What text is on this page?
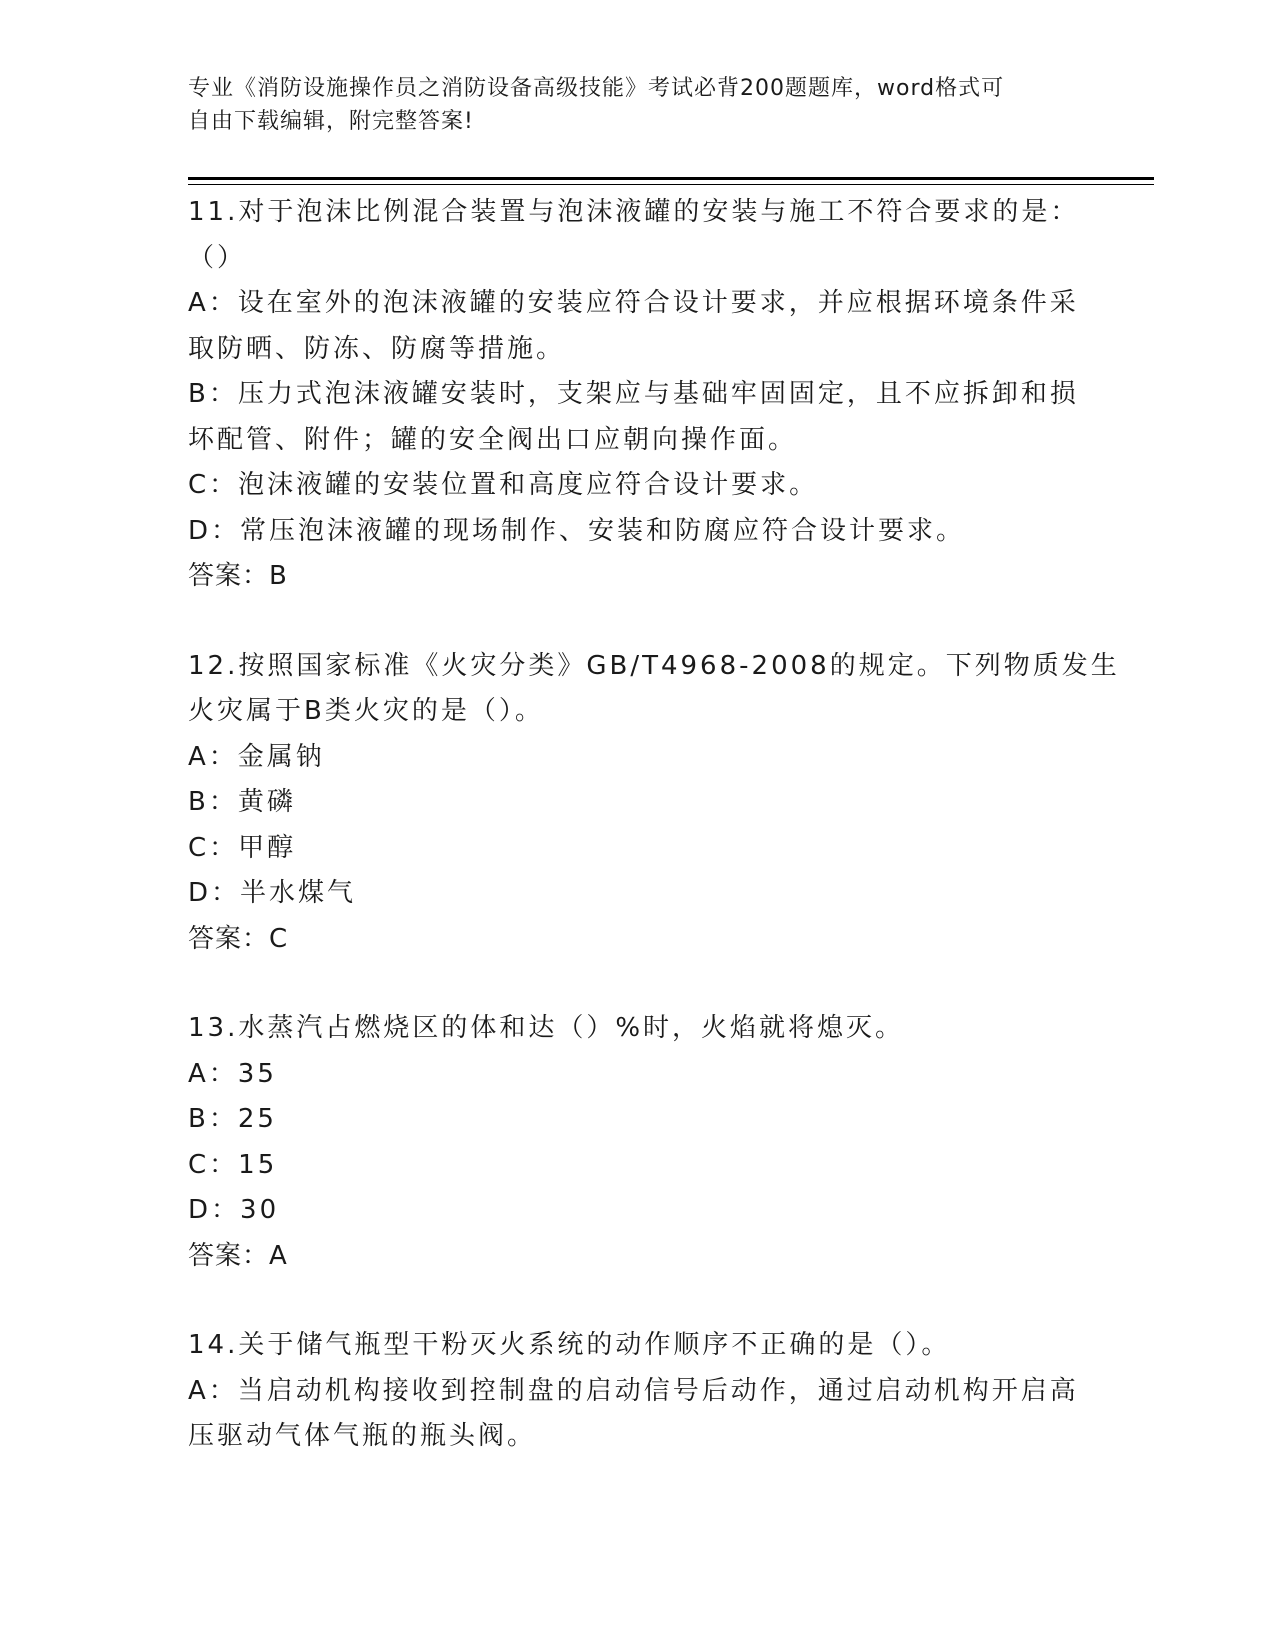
专业《消防设施操作员之消防设备高级技能》考试必背200题题库，word格式可
自由下载编辑，附完整答案!
11.对于泡沫比例混合装置与泡沫液罐的安装与施工不符合要求的是：
（）
A：设在室外的泡沫液罐的安装应符合设计要求，并应根据环境条件采
取防晒、防冻、防腐等措施。
B：压力式泡沫液罐安装时，支架应与基础牢固固定，且不应拆卸和损
坏配管、附件；罐的安全阀出口应朝向操作面。
C：泡沫液罐的安装位置和高度应符合设计要求。
D：常压泡沫液罐的现场制作、安装和防腐应符合设计要求。
答案：B
12.按照国家标准《火灾分类》GB/T4968-2008的规定。下列物质发生
火灾属于B类火灾的是（）。
A：金属钠
B：黄磷
C：甲醇
D：半水煤气
答案：C
13.水蒸汽占燃烧区的体和达（）%时，火焰就将熄灭。
A：35
B：25
C：15
D：30
答案：A
14.关于储气瓶型干粉灭火系统的动作顺序不正确的是（）。
A：当启动机构接收到控制盘的启动信号后动作，通过启动机构开启高
压驱动气体气瓶的瓶头阀。
